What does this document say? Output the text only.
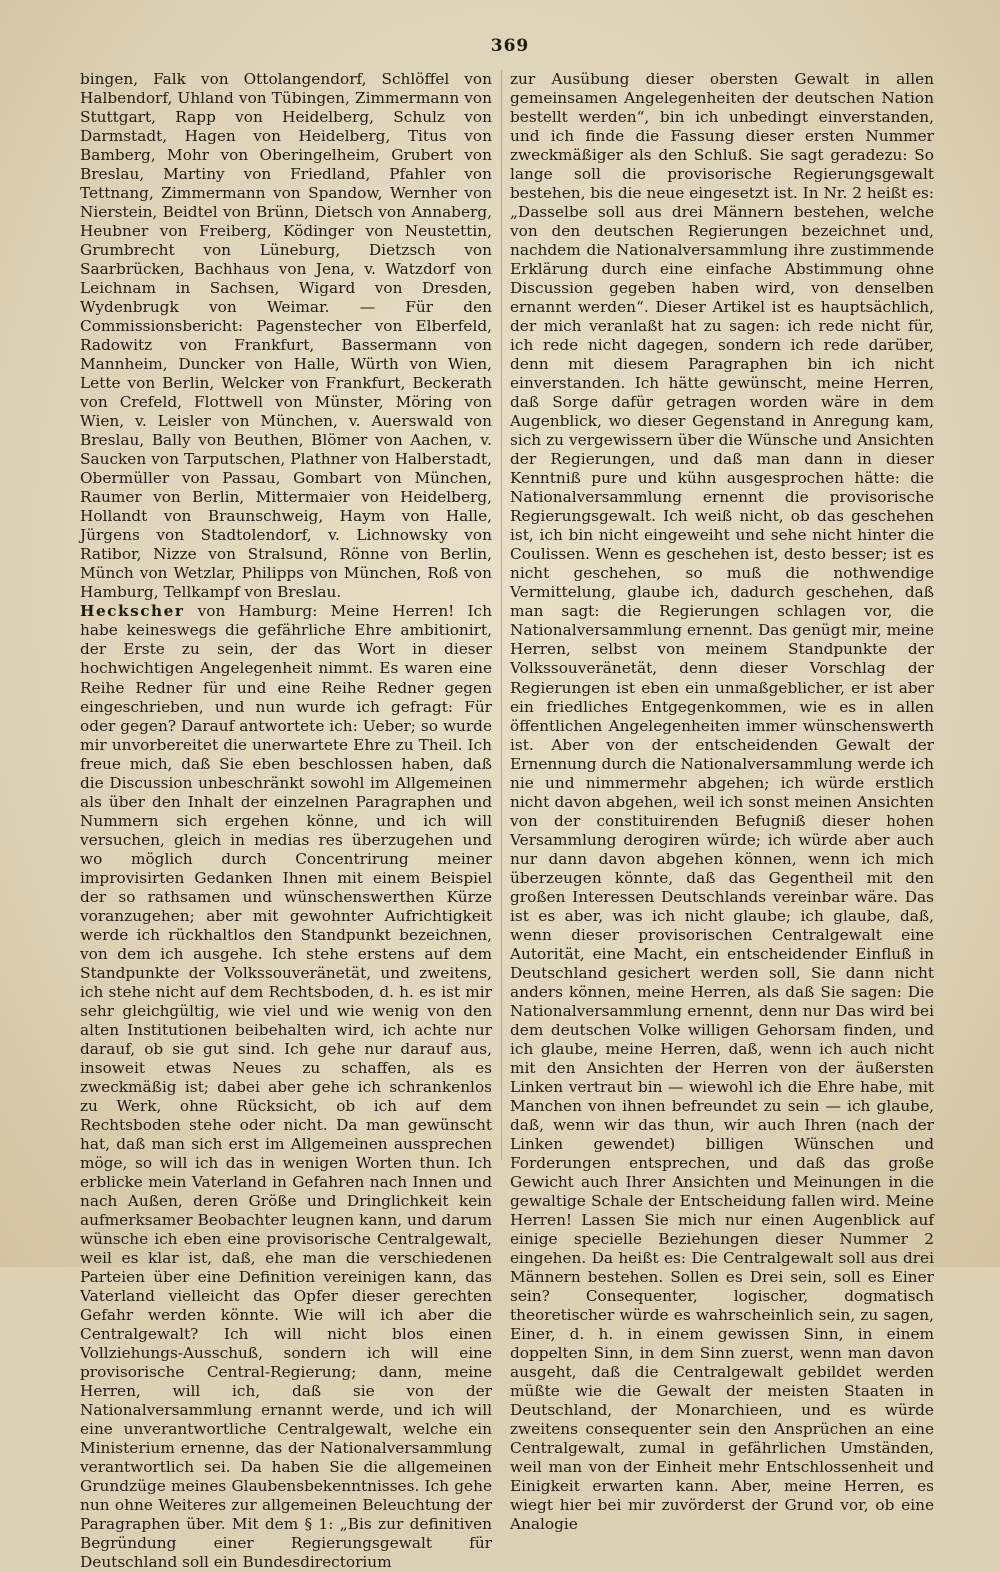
369

bingen, Falk von Ottolangendorf, Schlöffel von Halbendorf, Uhland von Tübingen, Zimmermann von Stuttgart, Rapp von Heidelberg, Schulz von Darmstadt, Hagen von Heidelberg, Titus von Bamberg, Mohr von Oberingelheim, Grubert von Breslau, Martiny von Friedland, Pfahler von Tettnang, Zimmermann von Spandow, Wernher von Nierstein, Beidtel von Brünn, Dietsch von Annaberg, Heubner von Freiberg, Ködinger von Neustettin, Grumbrecht von Lüneburg, Dietzsch von Saarbrücken, Bachhaus von Jena, v. Watzdorf von Leichnam in Sachsen, Wigard von Dresden, Wydenbrugk von Weimar. — Für den Commissionsbericht: Pagenstecher von Elberfeld, Radowitz von Frankfurt, Bassermann von Mannheim, Duncker von Halle, Würth von Wien, Lette von Berlin, Welcker von Frankfurt, Beckerath von Crefeld, Flottwell von Münster, Möring von Wien, v. Leisler von München, v. Auerswald von Breslau, Bally von Beuthen, Blömer von Aachen, v. Saucken von Tarputschen, Plathner von Halberstadt, Obermüller von Passau, Gombart von München, Raumer von Berlin, Mittermaier von Heidelberg, Hollandt von Braunschweig, Haym von Halle, Jürgens von Stadtolendorf, v. Lichnowsky von Ratibor, Nizze von Stralsund, Rönne von Berlin, Münch von Wetzlar, Philipps von München, Roß von Hamburg, Tellkampf von Breslau.

Heckscher von Hamburg: Meine Herren! Ich habe keineswegs die gefährliche Ehre ambitionirt, der Erste zu sein, der das Wort in dieser hochwichtigen Angelegenheit nimmt. Es waren eine Reihe Redner für und eine Reihe Redner gegen eingeschrieben, und nun wurde ich gefragt: Für oder gegen? Darauf antwortete ich: Ueber; so wurde mir unvorbereitet die unerwartete Ehre zu Theil. Ich freue mich, daß Sie eben beschlossen haben, daß die Discussion unbeschränkt sowohl im Allgemeinen als über den Inhalt der einzelnen Paragraphen und Nummern sich ergehen könne, und ich will versuchen, gleich in medias res überzugehen und wo möglich durch Concentrirung meiner improvisirten Gedanken Ihnen mit einem Beispiel der so rathsamen und wünschenswerthen Kürze voranzugehen; aber mit gewohnter Aufrichtigkeit werde ich rückhaltlos den Standpunkt bezeichnen, von dem ich ausgehe. Ich stehe erstens auf dem Standpunkte der Volkssouveränetät, und zweitens, ich stehe nicht auf dem Rechtsboden, d. h. es ist mir sehr gleichgültig, wie viel und wie wenig von den alten Institutionen beibehalten wird, ich achte nur darauf, ob sie gut sind. Ich gehe nur darauf aus, insoweit etwas Neues zu schaffen, als es zweckmäßig ist; dabei aber gehe ich schrankenlos zu Werk, ohne Rücksicht, ob ich auf dem Rechtsboden stehe oder nicht. Da man gewünscht hat, daß man sich erst im Allgemeinen aussprechen möge, so will ich das in wenigen Worten thun. Ich erblicke mein Vaterland in Gefahren nach Innen und nach Außen, deren Größe und Dringlichkeit kein aufmerksamer Beobachter leugnen kann, und darum wünsche ich eben eine provisorische Centralgewalt, weil es klar ist, daß, ehe man die verschiedenen Parteien über eine Definition vereinigen kann, das Vaterland vielleicht das Opfer dieser gerechten Gefahr werden könnte. Wie will ich aber die Centralgewalt? Ich will nicht blos einen Vollziehungs-Ausschuß, sondern ich will eine provisorische Central-Regierung; dann, meine Herren, will ich, daß sie von der Nationalversammlung ernannt werde, und ich will eine unverantwortliche Centralgewalt, welche ein Ministerium ernenne, das der Nationalversammlung verantwortlich sei. Da haben Sie die allgemeinen Grundzüge meines Glaubensbekenntnisses. Ich gehe nun ohne Weiteres zur allgemeinen Beleuchtung der Paragraphen über. Mit dem § 1: „Bis zur definitiven Begründung einer Regierungsgewalt für Deutschland soll ein Bundesdirectorium

zur Ausübung dieser obersten Gewalt in allen gemeinsamen Angelegenheiten der deutschen Nation bestellt werden“, bin ich unbedingt einverstanden, und ich finde die Fassung dieser ersten Nummer zweckmäßiger als den Schluß. Sie sagt geradezu: So lange soll die provisorische Regierungsgewalt bestehen, bis die neue eingesetzt ist. In Nr. 2 heißt es: „Dasselbe soll aus drei Männern bestehen, welche von den deutschen Regierungen bezeichnet und, nachdem die Nationalversammlung ihre zustimmende Erklärung durch eine einfache Abstimmung ohne Discussion gegeben haben wird, von denselben ernannt werden“. Dieser Artikel ist es hauptsächlich, der mich veranlaßt hat zu sagen: ich rede nicht für, ich rede nicht dagegen, sondern ich rede darüber, denn mit diesem Paragraphen bin ich nicht einverstanden. Ich hätte gewünscht, meine Herren, daß Sorge dafür getragen worden wäre in dem Augenblick, wo dieser Gegenstand in Anregung kam, sich zu vergewissern über die Wünsche und Ansichten der Regierungen, und daß man dann in dieser Kenntniß pure und kühn ausgesprochen hätte: die Nationalversammlung ernennt die provisorische Regierungsgewalt. Ich weiß nicht, ob das geschehen ist, ich bin nicht eingeweiht und sehe nicht hinter die Coulissen. Wenn es geschehen ist, desto besser; ist es nicht geschehen, so muß die nothwendige Vermittelung, glaube ich, dadurch geschehen, daß man sagt: die Regierungen schlagen vor, die Nationalversammlung ernennt. Das genügt mir, meine Herren, selbst von meinem Standpunkte der Volkssouveränetät, denn dieser Vorschlag der Regierungen ist eben ein unmaßgeblicher, er ist aber ein friedliches Entgegenkommen, wie es in allen öffentlichen Angelegenheiten immer wünschenswerth ist. Aber von der entscheidenden Gewalt der Ernennung durch die Nationalversammlung werde ich nie und nimmermehr abgehen; ich würde erstlich nicht davon abgehen, weil ich sonst meinen Ansichten von der constituirenden Befugniß dieser hohen Versammlung derogiren würde; ich würde aber auch nur dann davon abgehen können, wenn ich mich überzeugen könnte, daß das Gegentheil mit den großen Interessen Deutschlands vereinbar wäre. Das ist es aber, was ich nicht glaube; ich glaube, daß, wenn dieser provisorischen Centralgewalt eine Autorität, eine Macht, ein entscheidender Einfluß in Deutschland gesichert werden soll, Sie dann nicht anders können, meine Herren, als daß Sie sagen: Die Nationalversammlung ernennt, denn nur Das wird bei dem deutschen Volke willigen Gehorsam finden, und ich glaube, meine Herren, daß, wenn ich auch nicht mit den Ansichten der Herren von der äußersten Linken vertraut bin — wiewohl ich die Ehre habe, mit Manchen von ihnen befreundet zu sein — ich glaube, daß, wenn wir das thun, wir auch Ihren (nach der Linken gewendet) billigen Wünschen und Forderungen entsprechen, und daß das große Gewicht auch Ihrer Ansichten und Meinungen in die gewaltige Schale der Entscheidung fallen wird. Meine Herren! Lassen Sie mich nur einen Augenblick auf einige specielle Beziehungen dieser Nummer 2 eingehen. Da heißt es: Die Centralgewalt soll aus drei Männern bestehen. Sollen es Drei sein, soll es Einer sein? Consequenter, logischer, dogmatisch theoretischer würde es wahrscheinlich sein, zu sagen, Einer, d. h. in einem gewissen Sinn, in einem doppelten Sinn, in dem Sinn zuerst, wenn man davon ausgeht, daß die Centralgewalt gebildet werden müßte wie die Gewalt der meisten Staaten in Deutschland, der Monarchieen, und es würde zweitens consequenter sein den Ansprüchen an eine Centralgewalt, zumal in gefährlichen Umständen, weil man von der Einheit mehr Entschlossenheit und Einigkeit erwarten kann. Aber, meine Herren, es wiegt hier bei mir zuvörderst der Grund vor, ob eine Analogie
